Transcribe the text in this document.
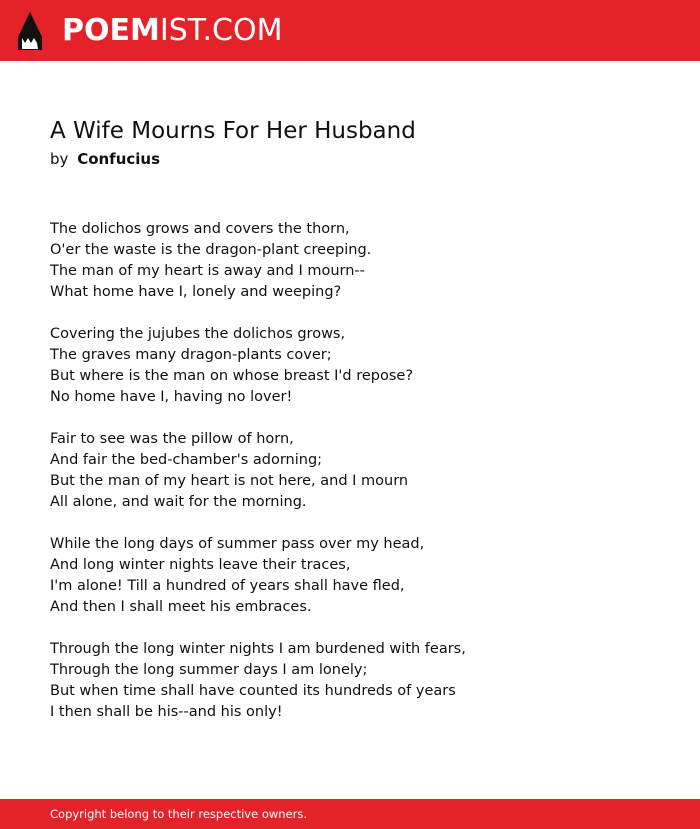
POEMIST.COM
A Wife Mourns For Her Husband
by Confucius
The dolichos grows and covers the thorn,
O'er the waste is the dragon-plant creeping.
The man of my heart is away and I mourn--
What home have I, lonely and weeping?
Covering the jujubes the dolichos grows,
The graves many dragon-plants cover;
But where is the man on whose breast I'd repose?
No home have I, having no lover!
Fair to see was the pillow of horn,
And fair the bed-chamber's adorning;
But the man of my heart is not here, and I mourn
All alone, and wait for the morning.
While the long days of summer pass over my head,
And long winter nights leave their traces,
I'm alone! Till a hundred of years shall have fled,
And then I shall meet his embraces.
Through the long winter nights I am burdened with fears,
Through the long summer days I am lonely;
But when time shall have counted its hundreds of years
I then shall be his--and his only!
Copyright belong to their respective owners.
